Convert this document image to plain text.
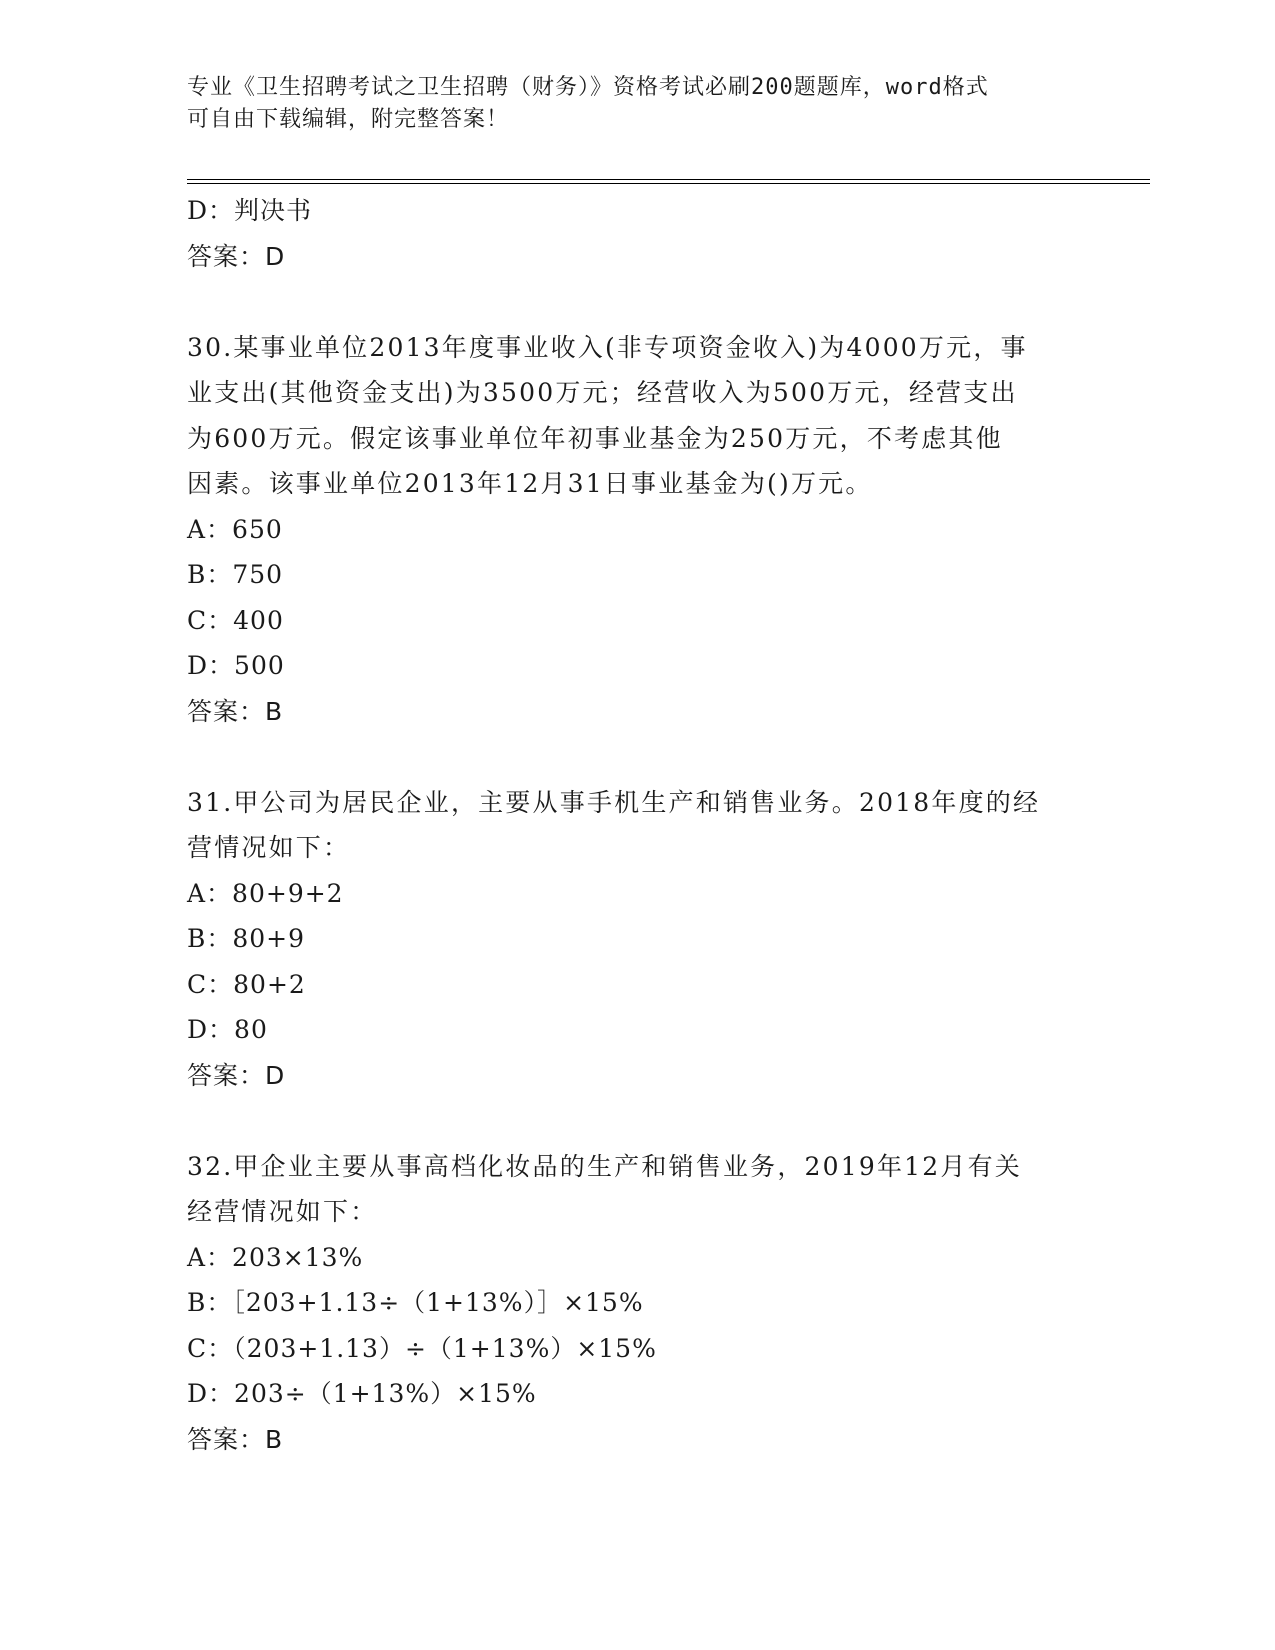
专业《卫生招聘考试之卫生招聘（财务）》资格考试必刷200题题库，word格式
可自由下载编辑，附完整答案！
D：判决书
答案：D
30.某事业单位2013年度事业收入(非专项资金收入)为4000万元，事
业支出(其他资金支出)为3500万元；经营收入为500万元，经营支出
为600万元。假定该事业单位年初事业基金为250万元，不考虑其他
因素。该事业单位2013年12月31日事业基金为()万元。
A：650
B：750
C：400
D：500
答案：B
31.甲公司为居民企业，主要从事手机生产和销售业务。2018年度的经
营情况如下：
A：80+9+2
B：80+9
C：80+2
D：80
答案：D
32.甲企业主要从事高档化妆品的生产和销售业务，2019年12月有关
经营情况如下：
A：203×13%
B：［203+1.13÷（1+13%）］×15%
C：（203+1.13）÷（1+13%）×15%
D：203÷（1+13%）×15%
答案：B
